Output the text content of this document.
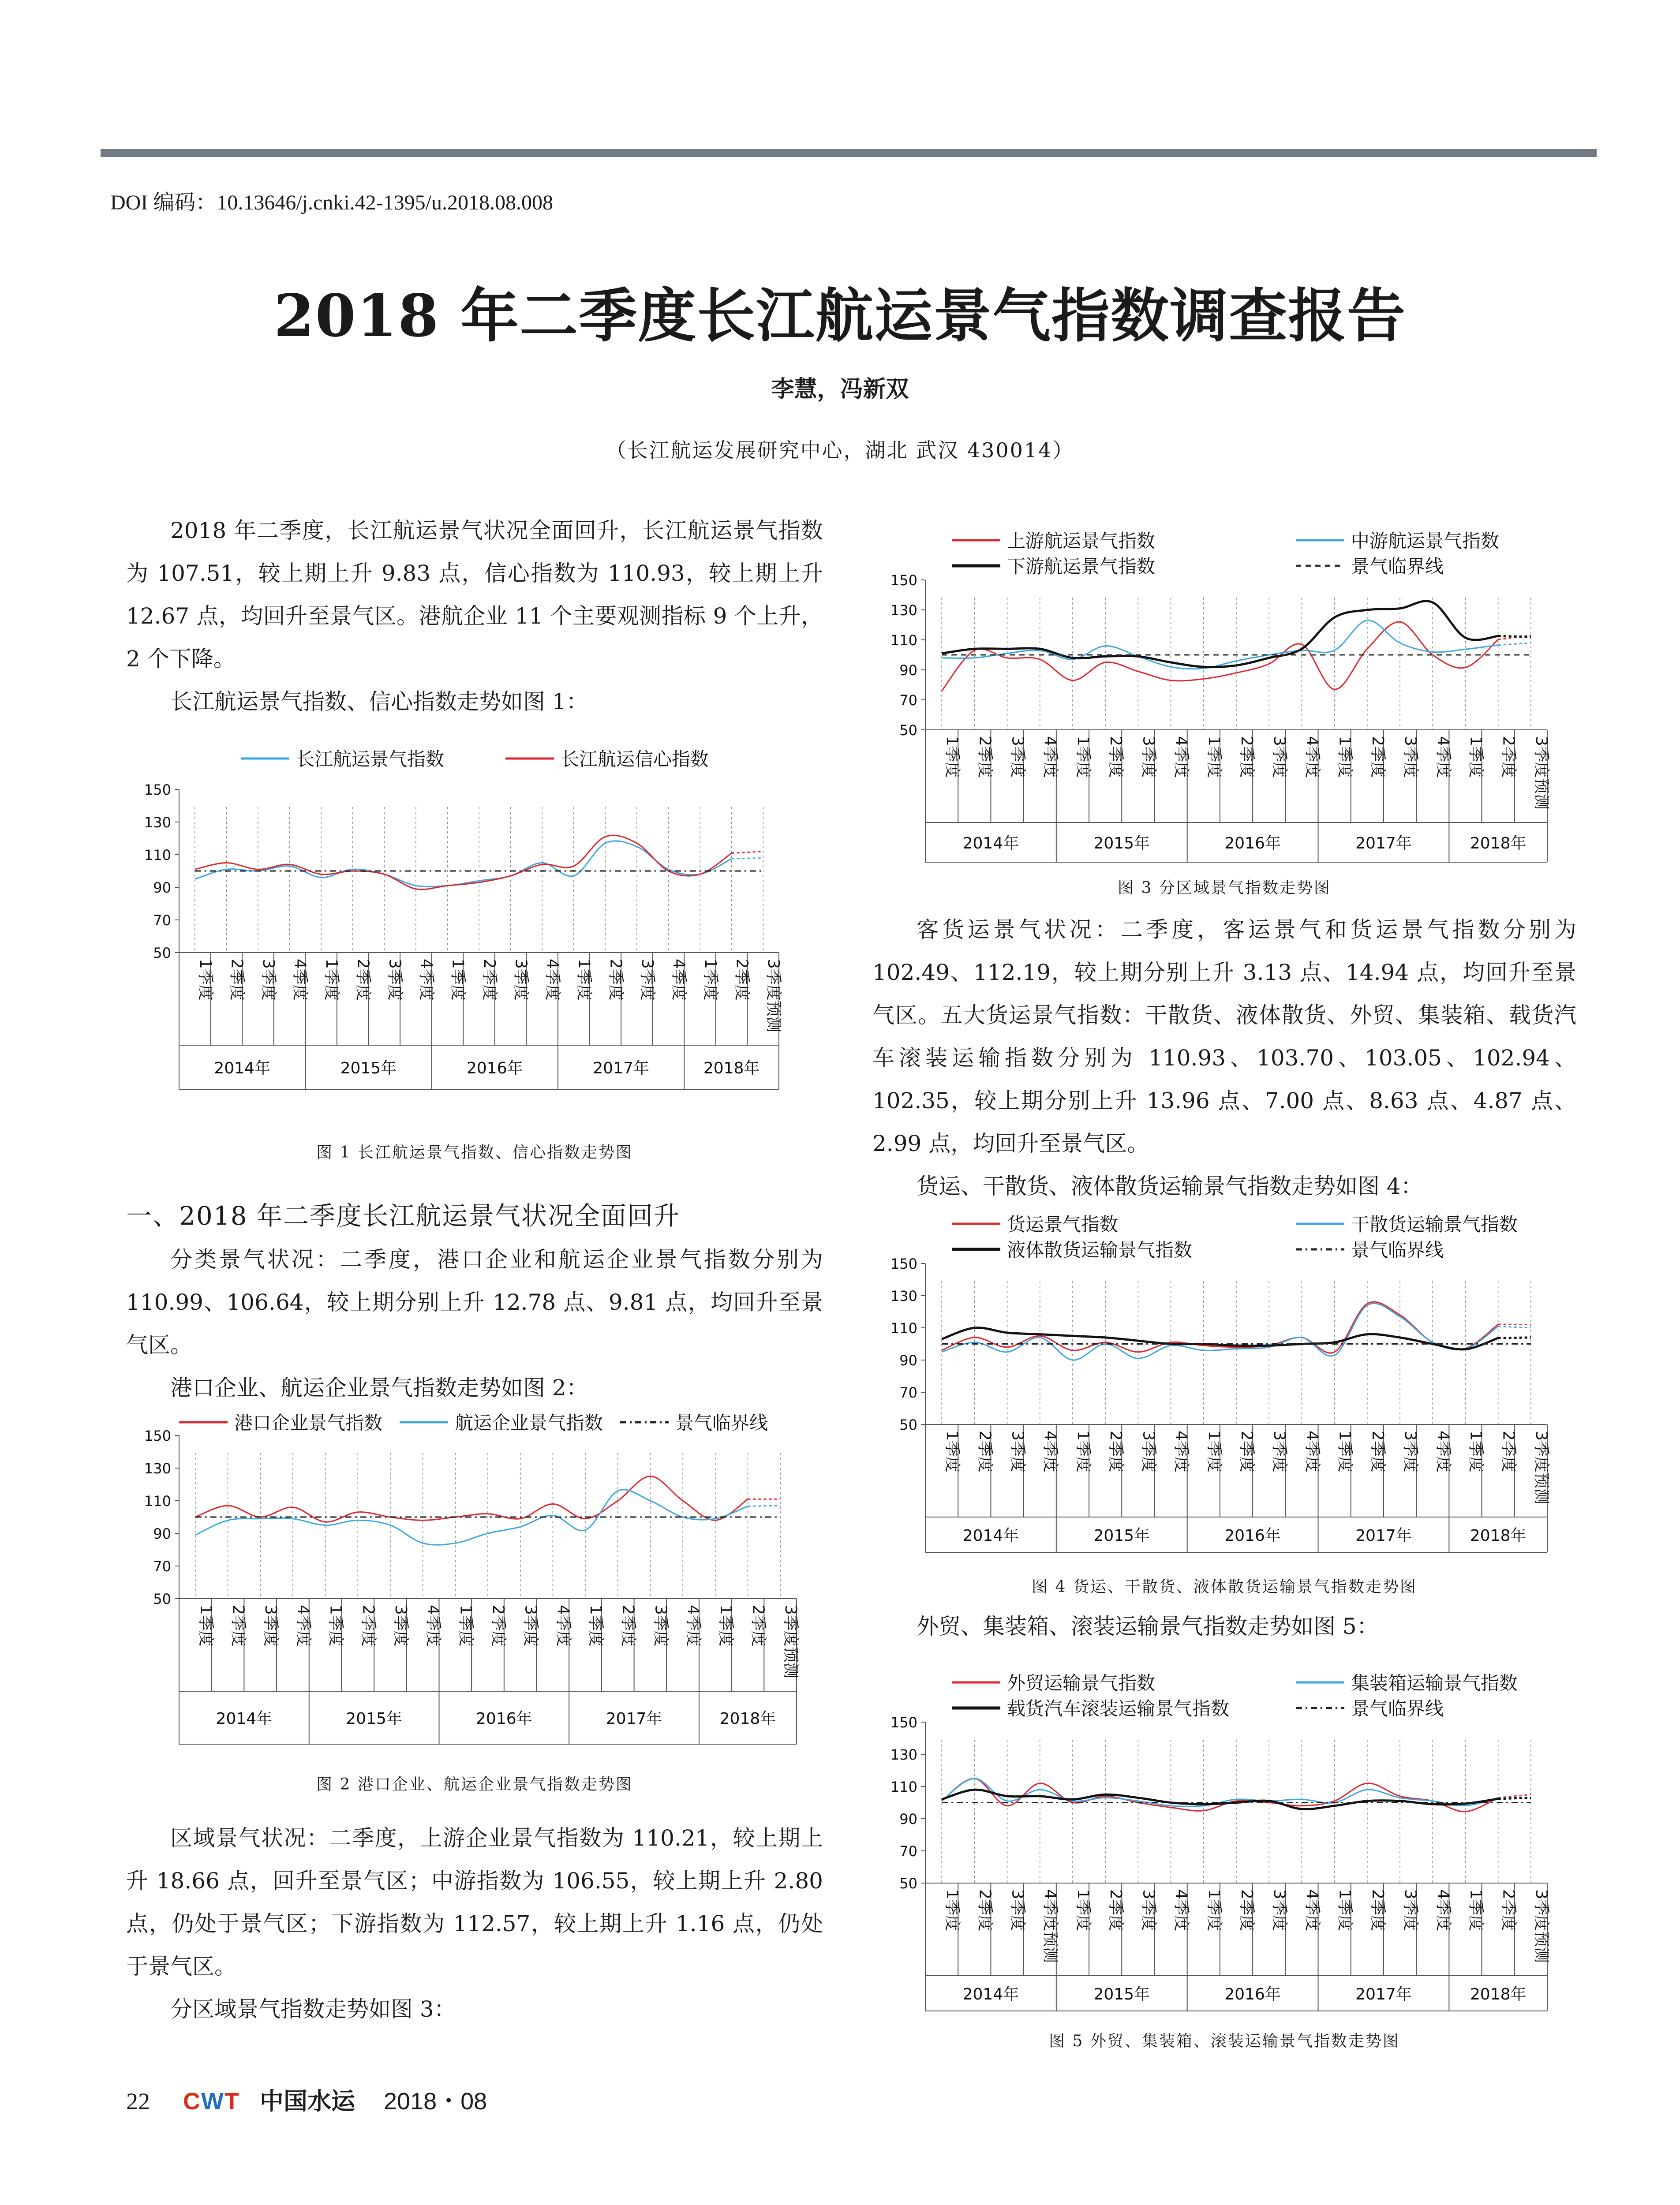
DOI 编码：10.13646/j.cnki.42-1395/u.2018.08.008
2018 年二季度长江航运景气指数调查报告
李慧，冯新双
（长江航运发展研究中心，湖北 武汉 430014）

2018 年二季度，长江航运景气状况全面回升，长江航运景气指数为 107.51，较上期上升 9.83 点，信心指数为 110.93，较上期上升 12.67 点，均回升至景气区。港航企业 11 个主要观测指标 9 个上升，2 个下降。

长江航运景气指数、信心指数走势如图 1：

长江航运景气指数	长江航运信心指数
50
70
90
110
130
150
1季度 2季度 3季度 4季度 1季度 2季度 3季度 4季度 1季度 2季度 3季度 4季度 1季度 2季度 3季度 4季度 1季度 2季度 3季度预测
2014年	2015年	2016年	2017年	2018年
图 1 长江航运景气指数、信心指数走势图
一、2018 年二季度长江航运景气状况全面回升

分类景气状况：二季度，港口企业和航运企业景气指数分别为 110.99、106.64，较上期分别上升 12.78 点、9.81 点，均回升至景气区。

港口企业、航运企业景气指数走势如图 2：

港口企业景气指数	航运企业景气指数	景气临界线
50
70
90
110
130
150
1季度 2季度 3季度 4季度 1季度 2季度 3季度 4季度 1季度 2季度 3季度 4季度 1季度 2季度 3季度 4季度 1季度 2季度 3季度预测
2014年	2015年	2016年	2017年	2018年
图 2 港口企业、航运企业景气指数走势图

区域景气状况：二季度，上游企业景气指数为 110.21，较上期上升 18.66 点，回升至景气区；中游指数为 106.55，较上期上升 2.80 点，仍处于景气区；下游指数为 112.57，较上期上升 1.16 点，仍处于景气区。

分区域景气指数走势如图 3：

上游航运景气指数	中游航运景气指数
下游航运景气指数	景气临界线
50
70
90
110
130
150
1季度 2季度 3季度 4季度 1季度 2季度 3季度 4季度 1季度 2季度 3季度 4季度 1季度 2季度 3季度 4季度 1季度 2季度 3季度预测
2014年	2015年	2016年	2017年	2018年
图 3 分区域景气指数走势图

客货运景气状况：二季度，客运景气和货运景气指数分别为 102.49、112.19，较上期分别上升 3.13 点、14.94 点，均回升至景气区。五大货运景气指数：干散货、液体散货、外贸、集装箱、载货汽车滚装运输指数分别为 110.93、103.70、103.05、102.94、102.35，较上期分别上升 13.96 点、7.00 点、8.63 点、4.87 点、2.99 点，均回升至景气区。

货运、干散货、液体散货运输景气指数走势如图 4：

货运景气指数	干散货运输景气指数
液体散货运输景气指数	景气临界线
50
70
90
110
130
150
1季度 2季度 3季度 4季度 1季度 2季度 3季度 4季度 1季度 2季度 3季度 4季度 1季度 2季度 3季度 4季度 1季度 2季度 3季度预测
2014年	2015年	2016年	2017年	2018年
图 4 货运、干散货、液体散货运输景气指数走势图

外贸、集装箱、滚装运输景气指数走势如图 5：

外贸运输景气指数	集装箱运输景气指数
载货汽车滚装运输景气指数	景气临界线
50
70
90
110
130
150
1季度 2季度 3季度 4季度预测 1季度 2季度 3季度 4季度 1季度 2季度 3季度 4季度 1季度 2季度 3季度 4季度 1季度 2季度 3季度预测
2014年	2015年	2016年	2017年	2018年
图 5 外贸、集装箱、滚装运输景气指数走势图
22 CWT 中国水运 2018・08
